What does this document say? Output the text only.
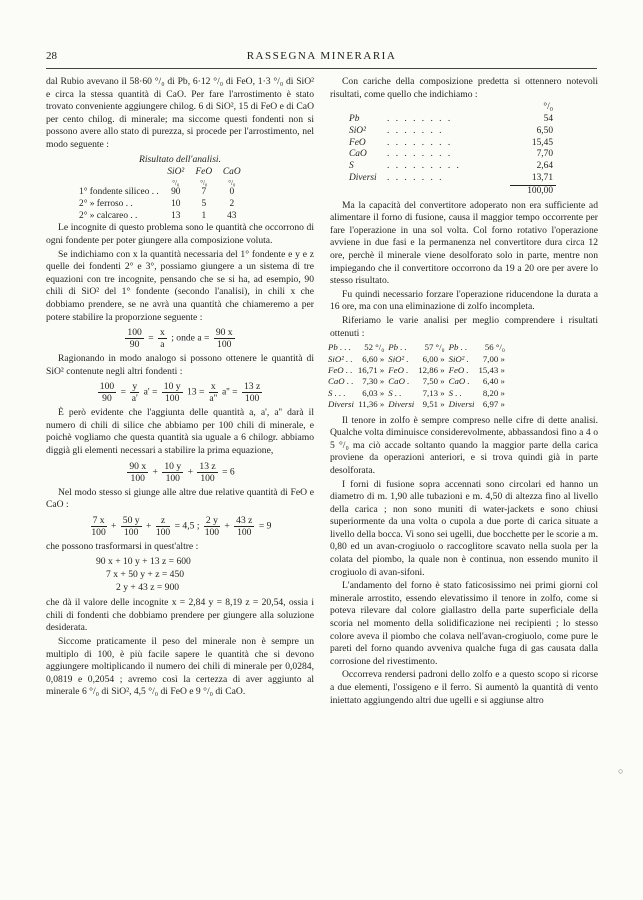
28	RASSEGNA MINERARIA

dal Rubio avevano il 58·60 °/₀ di Pb, 6·12 °/₀ di FeO, 1·3 °/₀ di SiO² e circa la stessa quantità di CaO. Per fare l'arrostimento è stato trovato conveniente aggiungere chilog. 6 di SiO², 15 di FeO e di CaO per cento chilog. di minerale; ma siccome questi fondenti non si possono avere allo stato di purezza, si procede per l'arrostimento, nel modo seguente :

Risultato dell'analisi.
	SiO²	FeO	CaO
	°/₀	°/₀	°/₀
1° fondente siliceo . .	90	7	0
2° » ferroso . .	10	5	2
2° » calcareo . .	13	1	43

Le incognite di questo problema sono le quantità che occorrono di ogni fondente per poter giungere alla composizione voluta.

Se indichiamo con x la quantità necessaria del 1° fondente e y e z quelle dei fondenti 2° e 3°, possiamo giungere a un sistema di tre equazioni con tre incognite, pensando che se si ha, ad esempio, 90 chili di SiO² del 1° fondente (secondo l'analisi), in chili x che dobbiamo prendere, se ne avrà una quantità che chiameremo a per potere stabilire la proporzione seguente :

$\frac{100}{90} = \frac{x}{a}$ ; onde $a = \frac{90 x}{100}$

Ragionando in modo analogo si possono ottenere le quantità di SiO² contenute negli altri fondenti :

$\frac{100}{90} = \frac{y}{a'} a' = \frac{10 y}{100} 13 = \frac{x}{a''} a'' = \frac{13 z}{100}$

È però evidente che l'aggiunta delle quantità a, a', a'' darà il numero di chili di silice che abbiamo per 100 chili di minerale, e poichè vogliamo che questa quantità sia uguale a 6 chilogr. abbiamo diggià gli elementi necessari a stabilire la prima equazione,

$\frac{90 x}{100} + \frac{10 y}{100} + \frac{13 z}{100} = 6$

Nel modo stesso si giunge alle altre due relative quantità di FeO e CaO :

$\frac{7 x}{100} + \frac{50 y}{100} + \frac{z}{100} = 4,5$ ; $\frac{2 y}{100} + \frac{43 z}{100} = 9$

che possono trasformarsi in quest'altre :

90 x + 10 y + 13 z = 600
7 x + 50 y + z = 450
2 y + 43 z = 900

che dà il valore delle incognite x = 2,84 y = 8,19 z = 20,54, ossia i chili di fondenti che dobbiamo prendere per giungere alla soluzione desiderata.

Siccome praticamente il peso del minerale non è sempre un multiplo di 100, è più facile sapere le quantità che si devono aggiungere moltiplicando il numero dei chili di minerale per 0,0284, 0,0819 e 0,2054 ; avremo così la certezza di aver aggiunto al minerale 6 °/₀ di SiO², 4,5 °/₀ di FeO e 9 °/₀ di CaO.

Con cariche della composizione predetta si ottennero notevoli risultati, come quello che indichiamo :

		°/₀
Pb	. . . . . . . .	54
SiO²	. . . . . . .	6,50
FeO	. . . . . . . .	15,45
CaO	. . . . . . . .	7,70
S	. . . . . . . . .	2,64
Diversi	. . . . . . .	13,71
		100,00

Ma la capacità del convertitore adoperato non era sufficiente ad alimentare il forno di fusione, causa il maggior tempo occorrente per fare l'operazione in una sol volta. Col forno rotativo l'operazione avviene in due fasi e la permanenza nel convertitore dura circa 12 ore, perchè il minerale viene desolforato solo in parte, mentre non impiegando che il convertitore occorrono da 19 a 20 ore per avere lo stesso risultato.

Fu quindi necessario forzare l'operazione riducendone la durata a 16 ore, ma con una eliminazione di zolfo incompleta.

Riferiamo le varie analisi per meglio comprendere i risultati ottenuti :

Pb . . .	52 °/₀	Pb . .	57 °/₀	Pb . .	56 °/₀
SiO² . .	6,60 »	SiO² .	6,00 »	SiO² .	7,00 »
FeO . .	16,71 »	FeO .	12,86 »	FeO .	15,43 »
CaO . .	7,30 »	CaO .	7,50 »	CaO .	6,40 »
S . . .	6,03 »	S . .	7,13 »	S . .	8,20 »
Diversi	11,36 »	Diversi	9,51 »	Diversi	6,97 »

Il tenore in zolfo è sempre compreso nelle cifre di dette analisi. Qualche volta diminuisce considerevolmente, abbassandosi fino a 4 o 5 °/₀ ma ciò accade soltanto quando la maggior parte della carica proviene da operazioni anteriori, e si trova quindi già in parte desolforata.

I forni di fusione sopra accennati sono circolari ed hanno un diametro di m. 1,90 alle tubazioni e m. 4,50 di altezza fino al livello della carica ; non sono muniti di water-jackets e sono chiusi superiormente da una volta o cupola a due porte di carica situate a livello della bocca. Vi sono sei ugelli, due bocchette per le scorie a m. 0,80 ed un avan-crogiuolo o raccoglitore scavato nella suola per la colata del piombo, la quale non è continua, non essendo munito il crogiuolo di avan-sifoni.

L'andamento del forno è stato faticosissimo nei primi giorni col minerale arrostito, essendo elevatissimo il tenore in zolfo, come si poteva rilevare dal colore giallastro della parte superficiale della scoria nel momento della solidificazione nei recipienti ; lo stesso colore aveva il piombo che colava nell'avan-crogiuolo, come pure le pareti del forno quando avveniva qualche fuga di gas causata dalla corrosione del rivestimento.

Occorreva rendersi padroni dello zolfo e a questo scopo si ricorse a due elementi, l'ossigeno e il ferro. Si aumentò la quantità di vento iniettato aggiungendo altri due ugelli e si aggiunse altro

○
